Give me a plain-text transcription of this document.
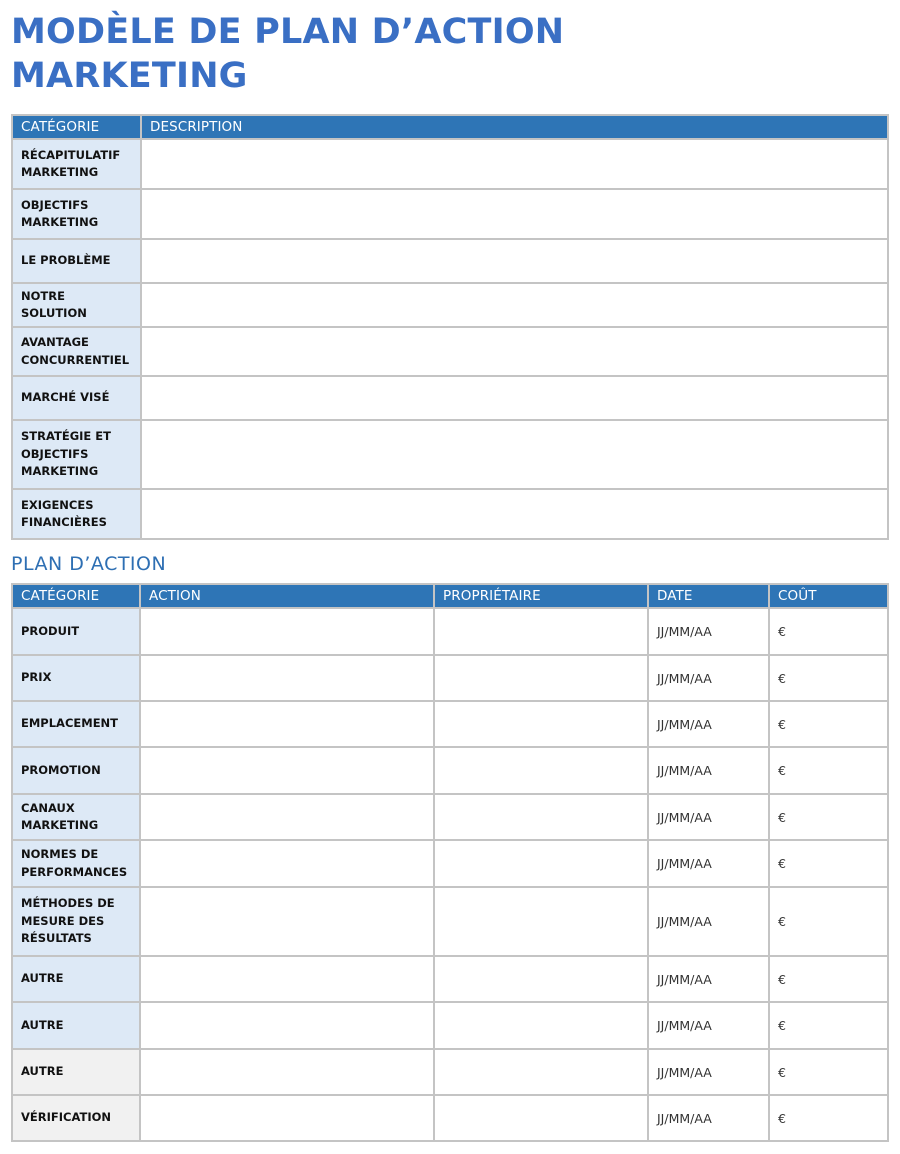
MODÈLE DE PLAN D’ACTION
MARKETING
CATÉGORIE	DESCRIPTION
RÉCAPITULATIF MARKETING	
OBJECTIFS MARKETING	
LE PROBLÈME	
NOTRE SOLUTION	
AVANTAGE CONCURRENTIEL	
MARCHÉ VISÉ	
STRATÉGIE ET OBJECTIFS MARKETING	
EXIGENCES FINANCIÈRES	
PLAN D’ACTION
CATÉGORIE	ACTION	PROPRIÉTAIRE	DATE	COÛT
PRODUIT			JJ/MM/AA	€
PRIX			JJ/MM/AA	€
EMPLACEMENT			JJ/MM/AA	€
PROMOTION			JJ/MM/AA	€
CANAUX MARKETING			JJ/MM/AA	€
NORMES DE PERFORMANCES			JJ/MM/AA	€
MÉTHODES DE MESURE DES RÉSULTATS			JJ/MM/AA	€
AUTRE			JJ/MM/AA	€
AUTRE			JJ/MM/AA	€
AUTRE			JJ/MM/AA	€
VÉRIFICATION			JJ/MM/AA	€
